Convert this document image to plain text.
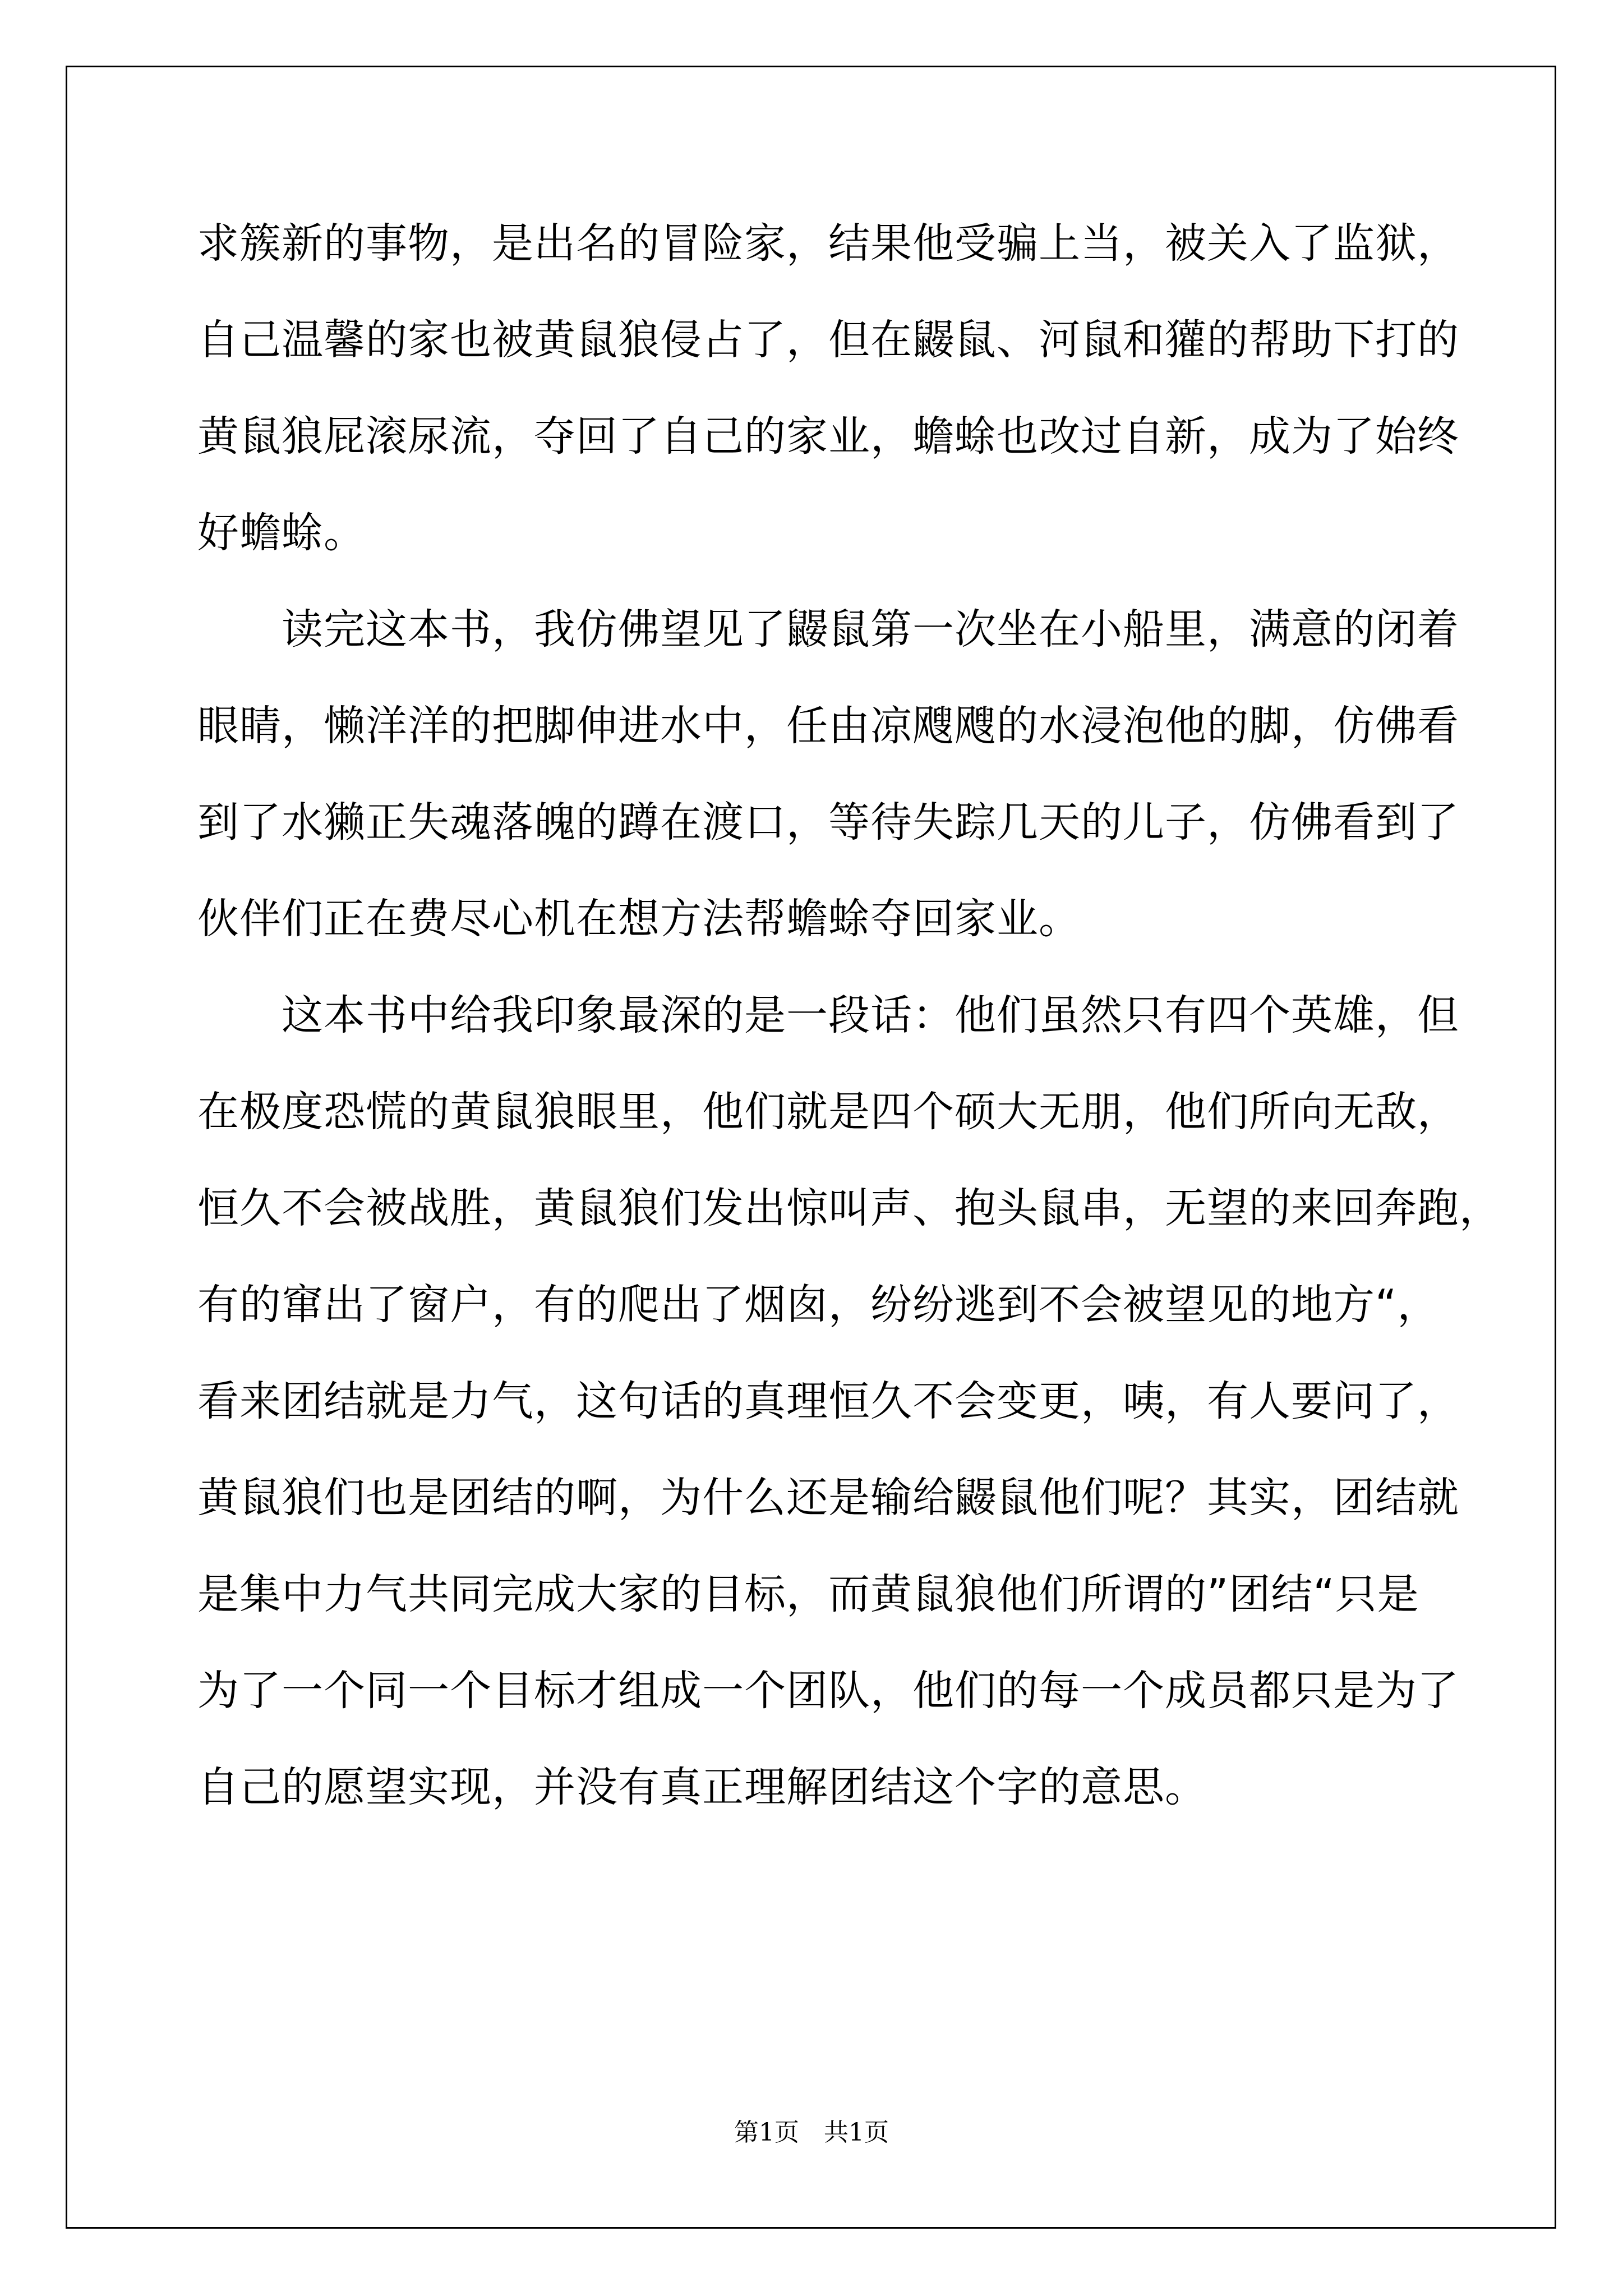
求簇新的事物，是出名的冒险家，结果他受骗上当，被关入了监狱，
自己温馨的家也被黄鼠狼侵占了，但在鼹鼠、河鼠和獾的帮助下打的
黄鼠狼屁滚尿流，夺回了自己的家业，蟾蜍也改过自新，成为了始终
好蟾蜍。
读完这本书，我仿佛望见了鼹鼠第一次坐在小船里，满意的闭着
眼睛，懒洋洋的把脚伸进水中，任由凉飕飕的水浸泡他的脚，仿佛看
到了水獭正失魂落魄的蹲在渡口，等待失踪几天的儿子，仿佛看到了
伙伴们正在费尽心机在想方法帮蟾蜍夺回家业。
这本书中给我印象最深的是一段话：他们虽然只有四个英雄，但
在极度恐慌的黄鼠狼眼里，他们就是四个硕大无朋，他们所向无敌，
恒久不会被战胜，黄鼠狼们发出惊叫声、抱头鼠串，无望的来回奔跑，
有的窜出了窗户，有的爬出了烟囱，纷纷逃到不会被望见的地方“，
看来团结就是力气，这句话的真理恒久不会变更，咦，有人要问了，
黄鼠狼们也是团结的啊，为什么还是输给鼹鼠他们呢？其实，团结就
是集中力气共同完成大家的目标，而黄鼠狼他们所谓的”团结“只是
为了一个同一个目标才组成一个团队，他们的每一个成员都只是为了
自己的愿望实现，并没有真正理解团结这个字的意思。
第1页　共1页
